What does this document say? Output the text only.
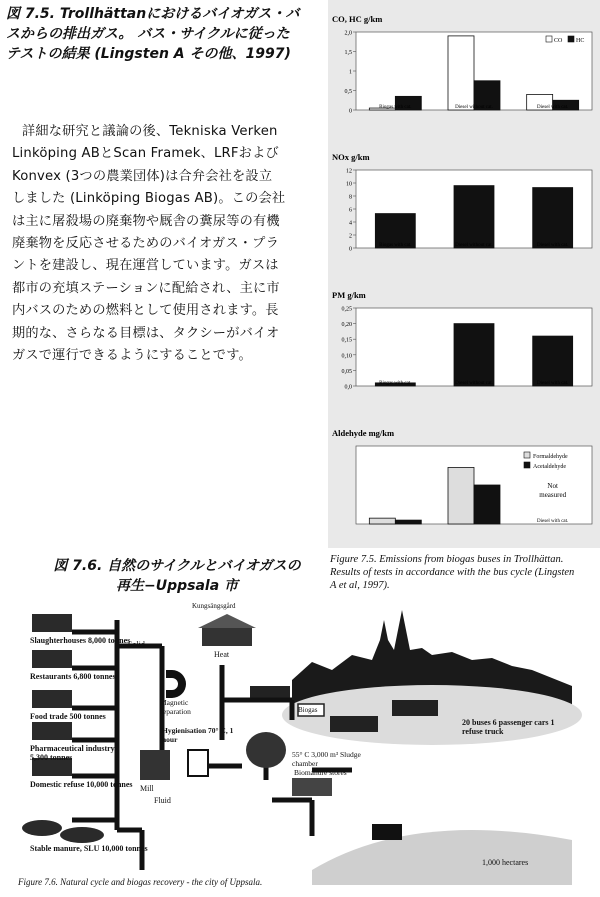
図 7.5. Trollhättanにおけるバイオガス・バ
スからの排出ガス。 バス・サイクルに従った
テストの結果 (Lingsten A その他、1997)
詳細な研究と議論の後、Tekniska Verken
Linköping ABとScan Framek、LRFおよび
Konvex (3つの農業団体)は合弁会社を設立
しました (Linköping Biogas AB)。この会社
は主に屠殺場の廃棄物や厩舎の糞尿等の有機
廃棄物を反応させるためのバイオガス・プラ
ントを建設し、現在運営しています。ガスは
都市の充填ステーションに配給され、主に市
内バスのための燃料として使用されます。長
期的な、さらなる目標は、タクシーがバイオ
ガスで運行できるようにすることです。
図 7.6. 自然のサイクルとバイオガスの
再生−Uppsala 市
CO, HC g/km
0
0,5
1
1,5
2,0
Biogas with cat.	Diesel without cat.	Diesel with cat.
CO HC
NOx g/km
0
2
4
6
8
10
12
Biogas with cat.	Diesel without cat.	Diesel with cat.
PM g/km
0,0
0,05
0,10
0,15
0,20
0,25
Biogas with cat.	Diesel without cat.	Diesel with cat.
Aldehyde mg/km
Diesel with cat.
Formaldehyde
Acetaldehyde
Not
measured
Figure 7.5. Emissions from biogas buses in Trollhättan.
Results of tests in accordance with the bus cycle (Lingsten
A et al, 1997).
Slaughterhouses 8,000 tonnes
Restaurants 6,800 tonnes
Food trade 500 tonnes
Pharmaceutical industry 5,300 tonnes
Domestic refuse 10,000 tonnes
Stable manure, SLU 10,000 tonnes
Solid
Magnetic separation
Hygienisation 70° C, 1 hour
Mill
Fluid
Heat
Kungsängsgård
Biogas
55° C 3,000 m³ Sludge chamber
Biomanure stores
20 buses 6 passenger cars 1 refuse truck
1,000 hectares
Figure 7.6. Natural cycle and biogas recovery - the city of Uppsala.
